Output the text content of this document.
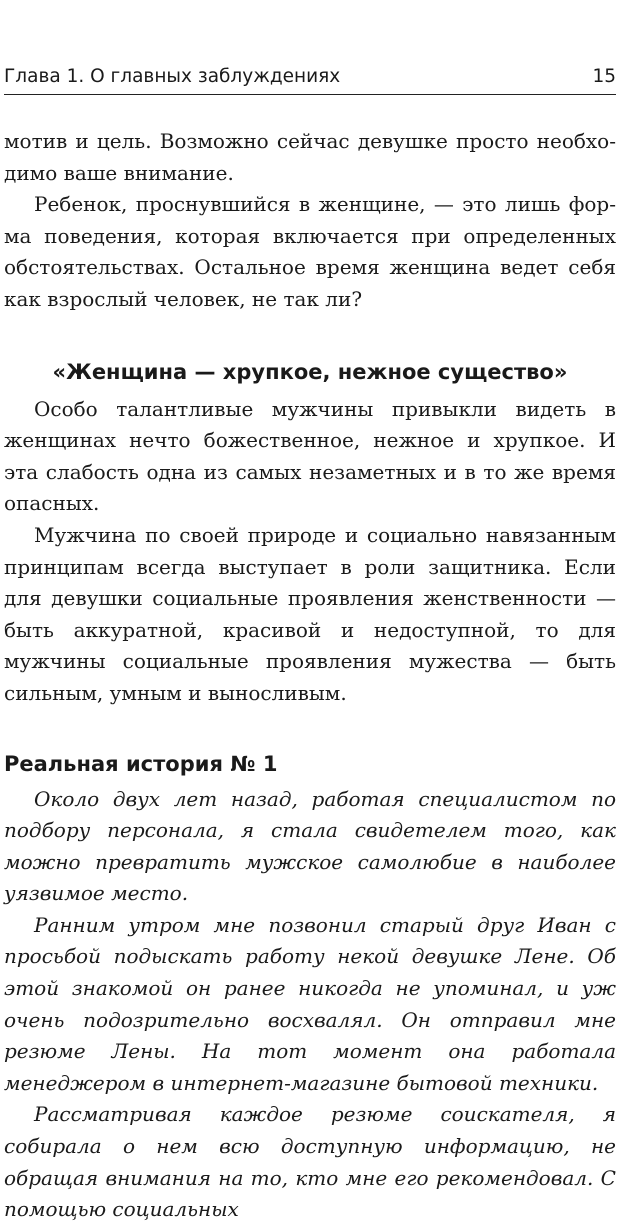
Глава 1. О главных заблуждениях	15

мотив и цель. Возможно сейчас девушке просто необходимо ваше внимание.

Ребенок, проснувшийся в женщине, — это лишь форма поведения, которая включается при определенных обстоятельствах. Остальное время женщина ведет себя как взрослый человек, не так ли?

«Женщина — хрупкое, нежное существо»

Особо талантливые мужчины привыкли видеть в женщинах нечто божественное, нежное и хрупкое. И эта слабость одна из самых незаметных и в то же время опасных.

Мужчина по своей природе и социально навязанным принципам всегда выступает в роли защитника. Если для девушки социальные проявления женственности — быть аккуратной, красивой и недоступной, то для мужчины социальные проявления мужества — быть сильным, умным и выносливым.

Реальная история № 1

Около двух лет назад, работая специалистом по подбору персонала, я стала свидетелем того, как можно превратить мужское самолюбие в наиболее уязвимое место.

Ранним утром мне позвонил старый друг Иван с просьбой подыскать работу некой девушке Лене. Об этой знакомой он ранее никогда не упоминал, и уж очень подозрительно восхвалял. Он отправил мне резюме Лены. На тот момент она работала менеджером в интернет-магазине бытовой техники.

Рассматривая каждое резюме соискателя, я собирала о нем всю доступную информацию, не обращая внимания на то, кто мне его рекомендовал. С помощью социальных
